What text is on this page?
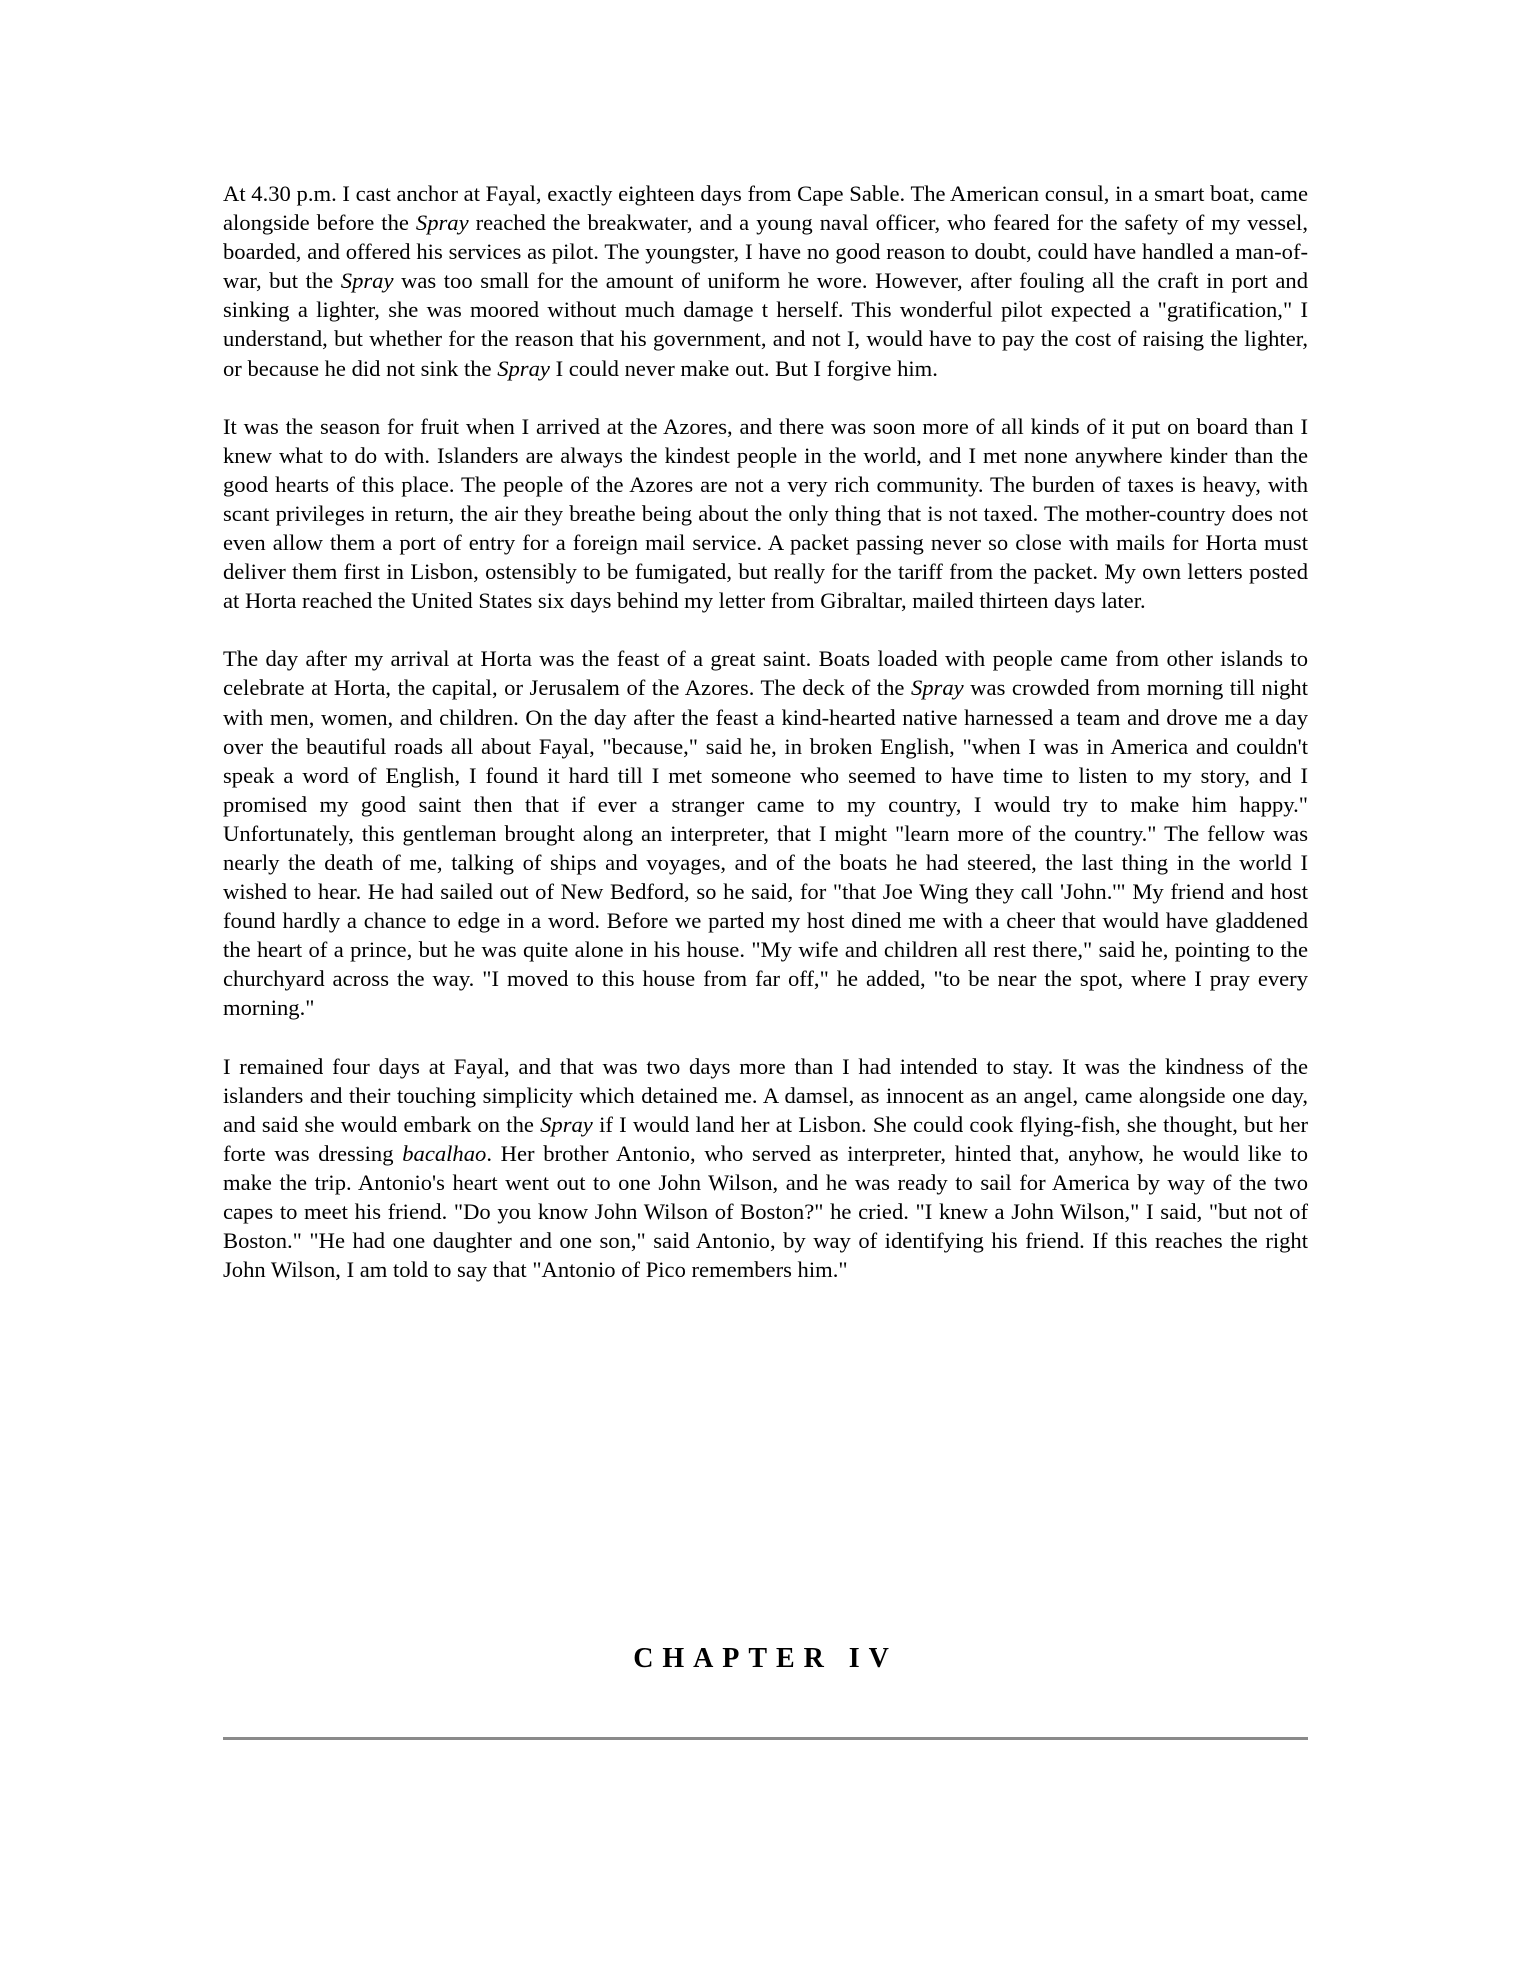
At 4.30 p.m. I cast anchor at Fayal, exactly eighteen days from Cape Sable. The American consul, in a smart boat, came alongside before the Spray reached the breakwater, and a young naval officer, who feared for the safety of my vessel, boarded, and offered his services as pilot. The youngster, I have no good reason to doubt, could have handled a man-of-war, but the Spray was too small for the amount of uniform he wore. However, after fouling all the craft in port and sinking a lighter, she was moored without much damage t herself. This wonderful pilot expected a "gratification," I understand, but whether for the reason that his government, and not I, would have to pay the cost of raising the lighter, or because he did not sink the Spray I could never make out. But I forgive him.

It was the season for fruit when I arrived at the Azores, and there was soon more of all kinds of it put on board than I knew what to do with. Islanders are always the kindest people in the world, and I met none anywhere kinder than the good hearts of this place. The people of the Azores are not a very rich community. The burden of taxes is heavy, with scant privileges in return, the air they breathe being about the only thing that is not taxed. The mother-country does not even allow them a port of entry for a foreign mail service. A packet passing never so close with mails for Horta must deliver them first in Lisbon, ostensibly to be fumigated, but really for the tariff from the packet. My own letters posted at Horta reached the United States six days behind my letter from Gibraltar, mailed thirteen days later.

The day after my arrival at Horta was the feast of a great saint. Boats loaded with people came from other islands to celebrate at Horta, the capital, or Jerusalem of the Azores. The deck of the Spray was crowded from morning till night with men, women, and children. On the day after the feast a kind-hearted native harnessed a team and drove me a day over the beautiful roads all about Fayal, "because," said he, in broken English, "when I was in America and couldn't speak a word of English, I found it hard till I met someone who seemed to have time to listen to my story, and I promised my good saint then that if ever a stranger came to my country, I would try to make him happy." Unfortunately, this gentleman brought along an interpreter, that I might "learn more of the country." The fellow was nearly the death of me, talking of ships and voyages, and of the boats he had steered, the last thing in the world I wished to hear. He had sailed out of New Bedford, so he said, for "that Joe Wing they call 'John.'" My friend and host found hardly a chance to edge in a word. Before we parted my host dined me with a cheer that would have gladdened the heart of a prince, but he was quite alone in his house. "My wife and children all rest there," said he, pointing to the churchyard across the way. "I moved to this house from far off," he added, "to be near the spot, where I pray every morning."

I remained four days at Fayal, and that was two days more than I had intended to stay. It was the kindness of the islanders and their touching simplicity which detained me. A damsel, as innocent as an angel, came alongside one day, and said she would embark on the Spray if I would land her at Lisbon. She could cook flying-fish, she thought, but her forte was dressing bacalhao. Her brother Antonio, who served as interpreter, hinted that, anyhow, he would like to make the trip. Antonio's heart went out to one John Wilson, and he was ready to sail for America by way of the two capes to meet his friend. "Do you know John Wilson of Boston?" he cried. "I knew a John Wilson," I said, "but not of Boston." "He had one daughter and one son," said Antonio, by way of identifying his friend. If this reaches the right John Wilson, I am told to say that "Antonio of Pico remembers him."

CHAPTER IV
